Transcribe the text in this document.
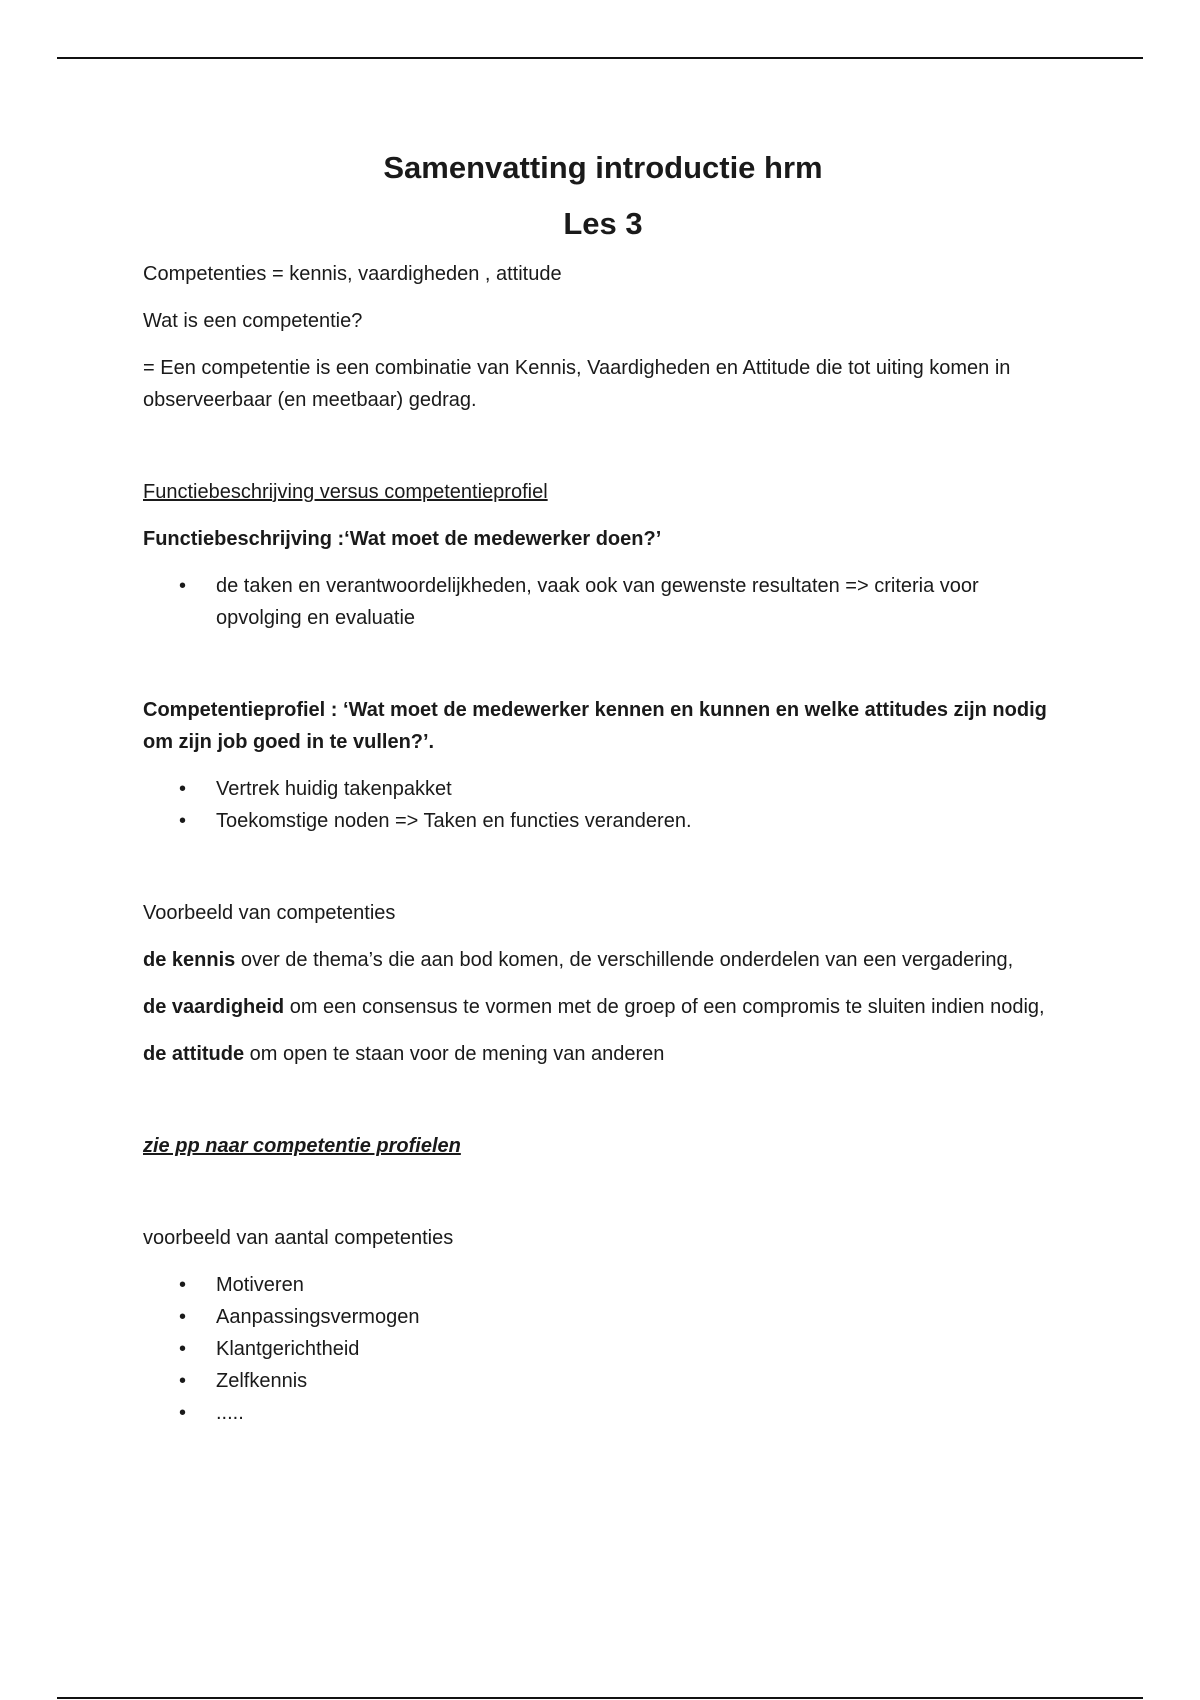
Samenvatting introductie hrm
Les 3

Competenties = kennis, vaardigheden , attitude

Wat is een competentie?

= Een competentie is een combinatie van Kennis, Vaardigheden en Attitude die tot uiting komen in observeerbaar (en meetbaar) gedrag.

Functiebeschrijving versus competentieprofiel

Functiebeschrijving :‘Wat moet de medewerker doen?’

• de taken en verantwoordelijkheden, vaak ook van gewenste resultaten => criteria voor opvolging en evaluatie

Competentieprofiel : ‘Wat moet de medewerker kennen en kunnen en welke attitudes zijn nodig om zijn job goed in te vullen?’.

• Vertrek huidig takenpakket
• Toekomstige noden => Taken en functies veranderen.

Voorbeeld van competenties

de kennis over de thema’s die aan bod komen, de verschillende onderdelen van een vergadering,

de vaardigheid om een consensus te vormen met de groep of een compromis te sluiten indien nodig,

de attitude om open te staan voor de mening van anderen

zie pp naar competentie profielen

voorbeeld van aantal competenties

• Motiveren
• Aanpassingsvermogen
• Klantgerichtheid
• Zelfkennis
• .....
